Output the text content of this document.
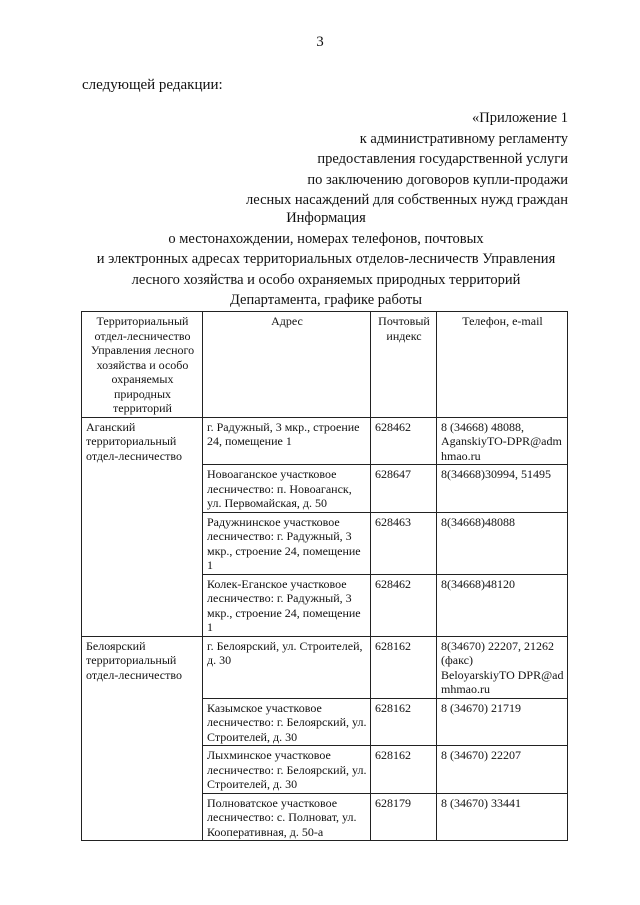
3
следующей редакции:
«Приложение 1
к административному регламенту
предоставления государственной услуги
по заключению договоров купли-продажи
лесных насаждений для собственных нужд граждан
Информация
о местонахождении, номерах телефонов, почтовых
и электронных адресах территориальных отделов-лесничеств Управления
лесного хозяйства и особо охраняемых природных территорий
Департамента, графике работы
Территориальный отдел-лесничество Управления лесного хозяйства и особо охраняемых природных территорий	Адрес	Почтовый индекс	Телефон, e-mail
Аганский территориальный отдел-лесничество	г. Радужный, 3 мкр., строение 24, помещение 1	628462	8 (34668) 48088,
AganskiyTO-DPR@admhmao.ru

	Новоаганское участковое лесничество: п. Новоаганск, ул. Первомайская, д. 50	628647	8(34668)30994, 51495

	Радужнинское участковое лесничество: г. Радужный, 3 мкр., строение 24, помещение 1	628463	8(34668)48088

	Колек-Еганское участковое лесничество: г. Радужный, 3 мкр., строение 24, помещение 1	628462	8(34668)48120

Белоярский территориальный отдел-лесничество	г. Белоярский, ул. Строителей, д. 30	628162	8(34670) 22207, 21262 (факс)
BeloyarskiyTO DPR@admhmao.ru

	Казымское участковое лесничество: г. Белоярский, ул. Строителей, д. 30	628162	8 (34670) 21719

	Лыхминское участковое лесничество: г. Белоярский, ул. Строителей, д. 30	628162	8 (34670) 22207

	Полноватское участковое лесничество: с. Полноват, ул. Кооперативная, д. 50-а	628179	8 (34670) 33441
